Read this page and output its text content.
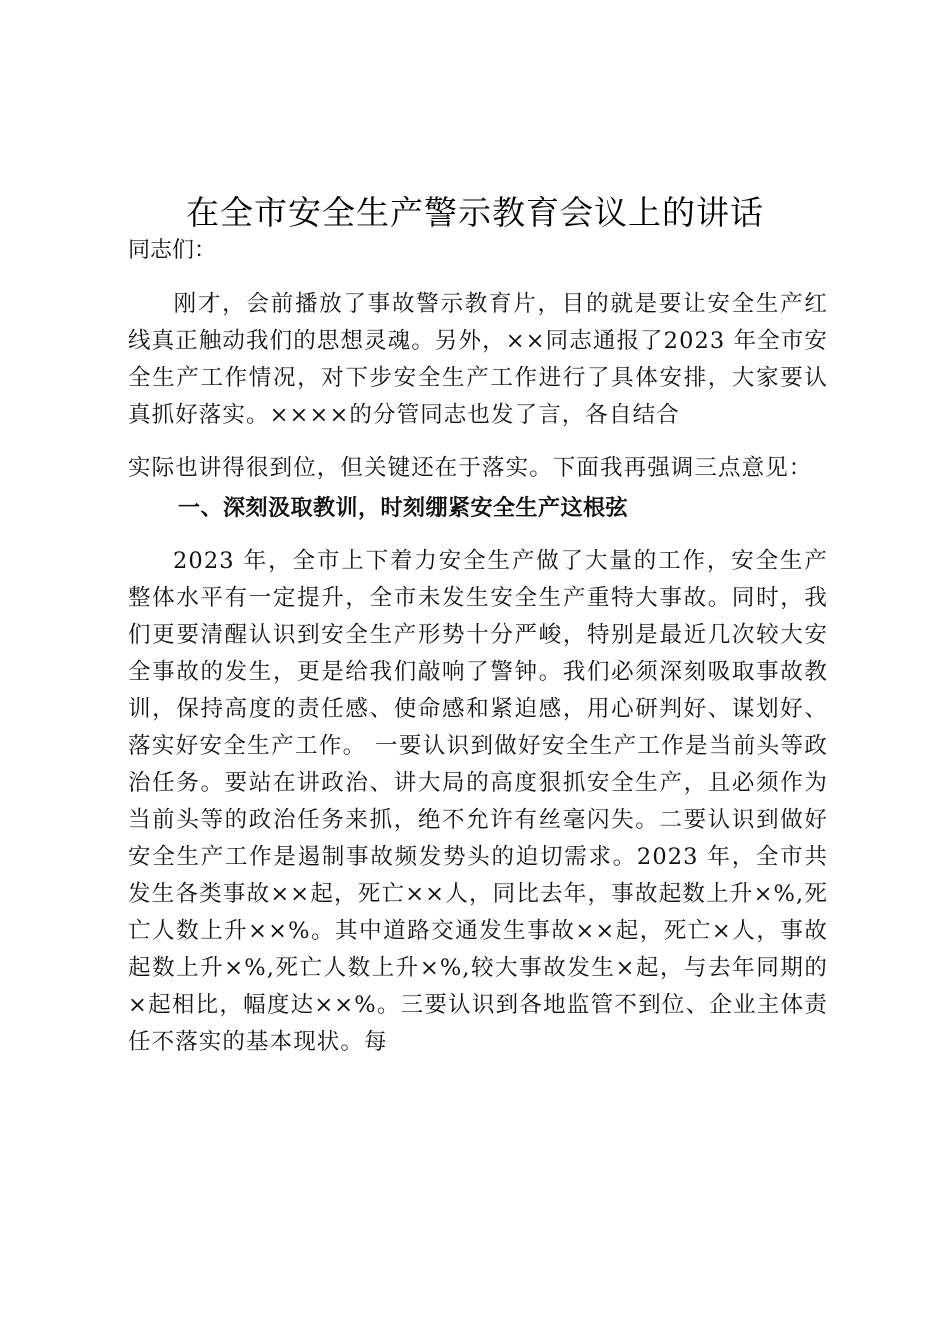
在全市安全生产警示教育会议上的讲话

同志们：

刚才，会前播放了事故警示教育片，目的就是要让安全生产红线真正触动我们的思想灵魂。另外，××同志通报了2023 年全市安全生产工作情况，对下步安全生产工作进行了具体安排，大家要认真抓好落实。××××的分管同志也发了言，各自结合

实际也讲得很到位，但关键还在于落实。下面我再强调三点意见：

一、深刻汲取教训，时刻绷紧安全生产这根弦

2023 年，全市上下着力安全生产做了大量的工作，安全生产整体水平有一定提升，全市未发生安全生产重特大事故。同时，我们更要清醒认识到安全生产形势十分严峻，特别是最近几次较大安全事故的发生，更是给我们敲响了警钟。我们必须深刻吸取事故教训，保持高度的责任感、使命感和紧迫感，用心研判好、谋划好、落实好安全生产工作。 一要认识到做好安全生产工作是当前头等政治任务。要站在讲政治、讲大局的高度狠抓安全生产，且必须作为当前头等的政治任务来抓，绝不允许有丝毫闪失。二要认识到做好安全生产工作是遏制事故频发势头的迫切需求。2023 年，全市共发生各类事故××起，死亡××人，同比去年，事故起数上升×%,死亡人数上升××%。其中道路交通发生事故××起，死亡×人，事故起数上升×%,死亡人数上升×%,较大事故发生×起，与去年同期的×起相比，幅度达××%。三要认识到各地监管不到位、企业主体责任不落实的基本现状。每
